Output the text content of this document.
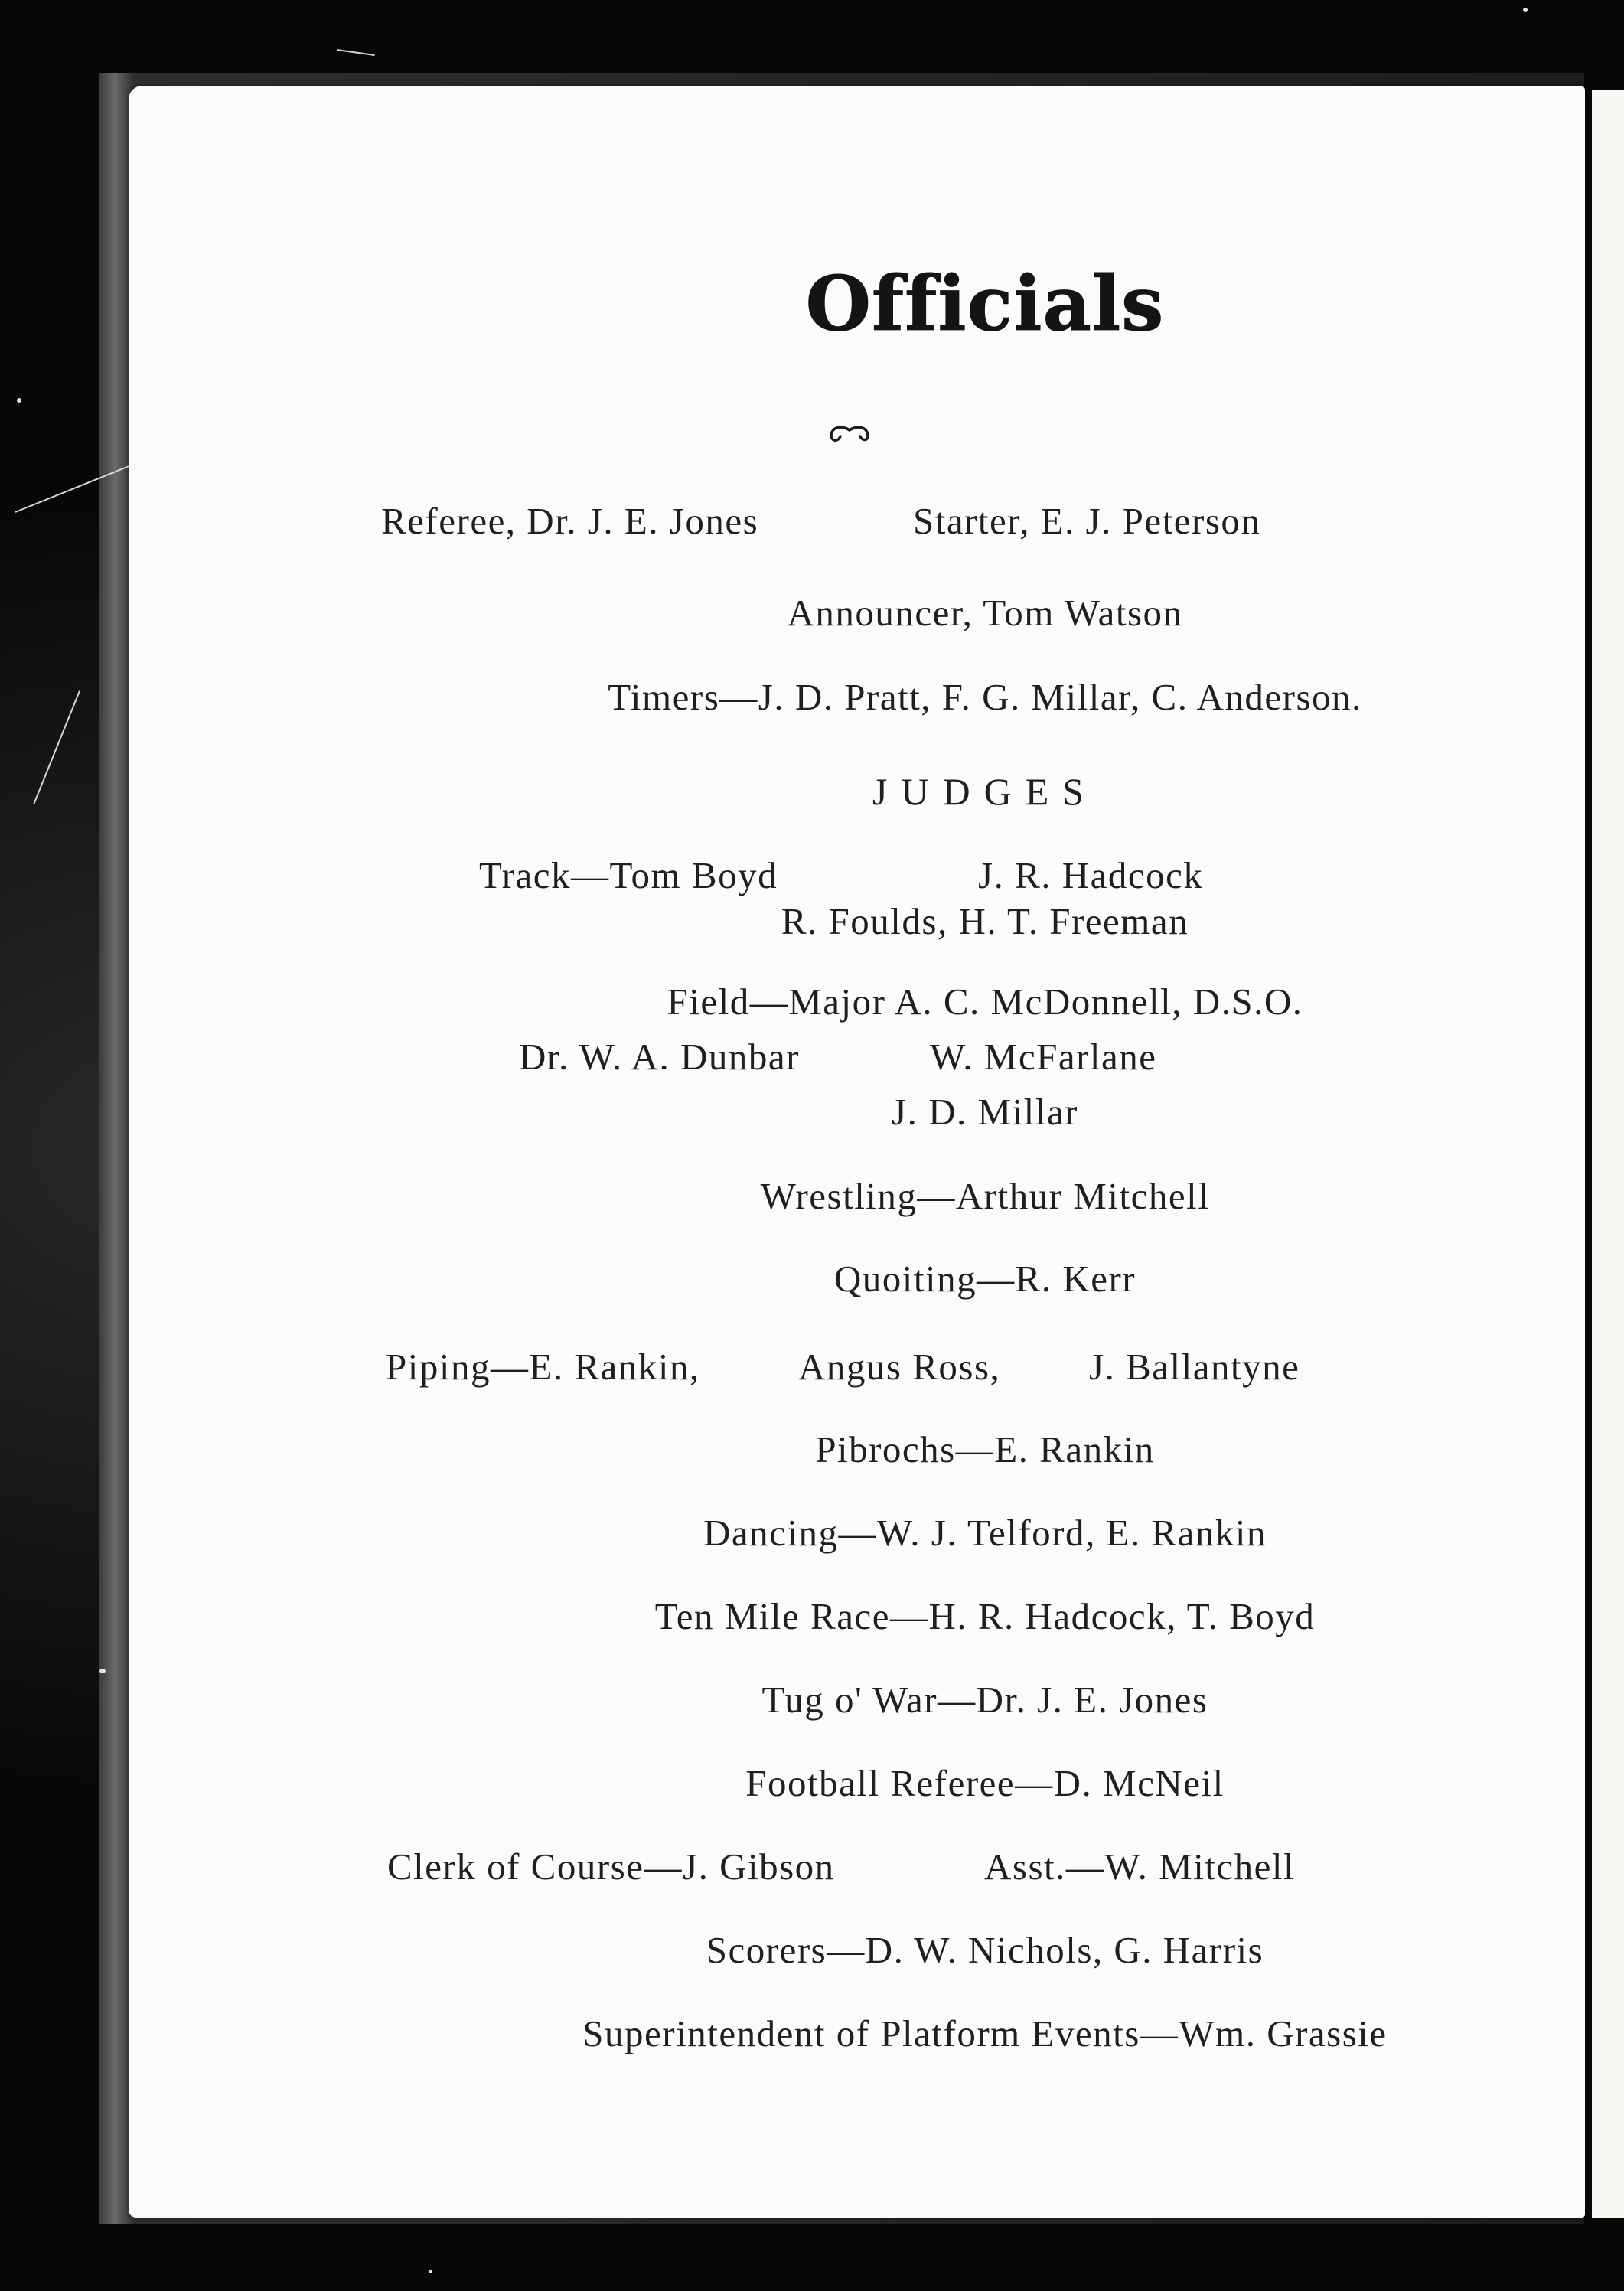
Officials
Referee, Dr. J. E. Jones	Starter, E. J. Peterson
Announcer, Tom Watson
Timers—J. D. Pratt, F. G. Millar, C. Anderson.
JUDGES
Track—Tom Boyd	J. R. Hadcock
R. Foulds, H. T. Freeman
Field—Major A. C. McDonnell, D.S.O.
Dr. W. A. Dunbar	W. McFarlane
J. D. Millar
Wrestling—Arthur Mitchell
Quoiting—R. Kerr
Piping—E. Rankin,	Angus Ross, J. Ballantyne
Pibrochs—E. Rankin
Dancing—W. J. Telford, E. Rankin
Ten Mile Race—H. R. Hadcock, T. Boyd
Tug o' War—Dr. J. E. Jones
Football Referee—D. McNeil
Clerk of Course—J. Gibson	Asst.—W. Mitchell
Scorers—D. W. Nichols, G. Harris
Superintendent of Platform Events—Wm. Grassie
